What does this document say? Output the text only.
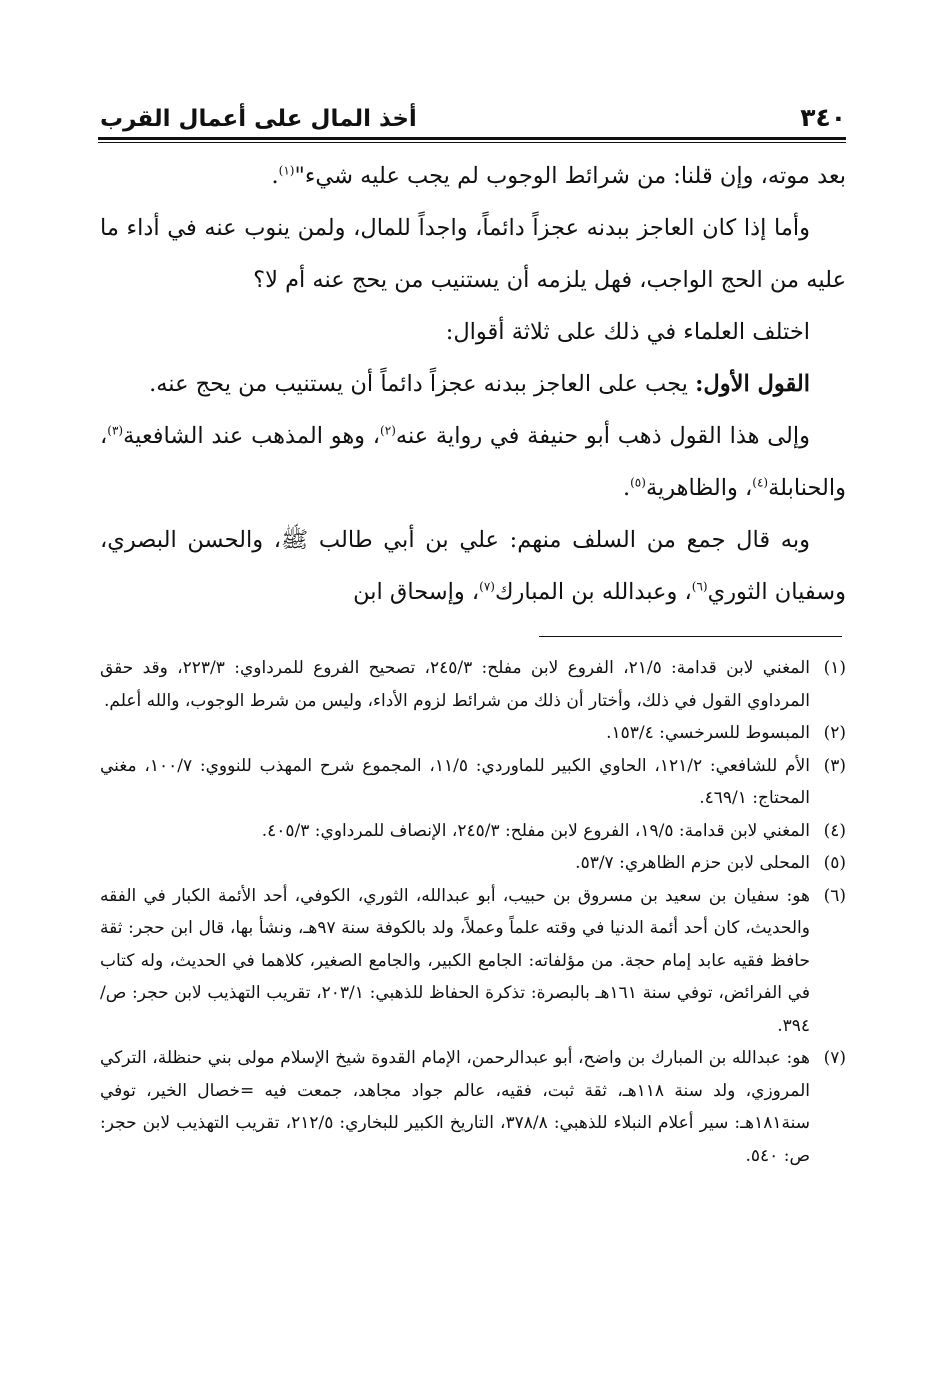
٣٤٠
أخذ المال على أعمال القرب

بعد موته، وإن قلنا: من شرائط الوجوب لم يجب عليه شيء"$^{(١)}$.

وأما إذا كان العاجز ببدنه عجزاً دائماً، واجداً للمال، ولمن ينوب عنه في أداء ما عليه من الحج الواجب، فهل يلزمه أن يستنيب من يحج عنه أم لا؟

اختلف العلماء في ذلك على ثلاثة أقوال:

القول الأول: يجب على العاجز ببدنه عجزاً دائماً أن يستنيب من يحج عنه.

وإلى هذا القول ذهب أبو حنيفة في رواية عنه$^{(٢)}$، وهو المذهب عند الشافعية$^{(٣)}$، والحنابلة$^{(٤)}$، والظاهرية$^{(٥)}$.

وبه قال جمع من السلف منهم: علي بن أبي طالب ﷺ، والحسن البصري، وسفيان الثوري$^{(٦)}$، وعبدالله بن المبارك$^{(٧)}$، وإسحاق ابن

(١)
المغني لابن قدامة: ٢١/٥، الفروع لابن مفلح: ٢٤٥/٣، تصحيح الفروع للمرداوي: ٢٢٣/٣، وقد حقق المرداوي القول في ذلك، وأختار أن ذلك من شرائط لزوم الأداء، وليس من شرط الوجوب، والله أعلم.
(٢)
المبسوط للسرخسي: ١٥٣/٤.
(٣)
الأم للشافعي: ١٢١/٢، الحاوي الكبير للماوردي: ١١/٥، المجموع شرح المهذب للنووي: ١٠٠/٧، مغني المحتاج: ٤٦٩/١.
(٤)
المغني لابن قدامة: ١٩/٥، الفروع لابن مفلح: ٢٤٥/٣، الإنصاف للمرداوي: ٤٠٥/٣.
(٥)
المحلى لابن حزم الظاهري: ٥٣/٧.
(٦)
هو: سفيان بن سعيد بن مسروق بن حبيب، أبو عبدالله، الثوري، الكوفي، أحد الأئمة الكبار في الفقه والحديث، كان أحد أئمة الدنيا في وقته علماً وعملاً، ولد بالكوفة سنة ٩٧هـ، ونشأ بها، قال ابن حجر: ثقة حافظ فقيه عابد إمام حجة. من مؤلفاته: الجامع الكبير، والجامع الصغير، كلاهما في الحديث، وله كتاب في الفرائض، توفي سنة ١٦١هـ بالبصرة: تذكرة الحفاظ للذهبي: ٢٠٣/١، تقريب التهذيب لابن حجر: ص/٣٩٤.
(٧)
هو: عبدالله بن المبارك بن واضح، أبو عبدالرحمن، الإمام القدوة شيخ الإسلام مولى بني حنظلة، التركي المروزي، ولد سنة ١١٨هـ، ثقة ثبت، فقيه، عالم جواد مجاهد، جمعت فيه =خصال الخير، توفي سنة١٨١هـ: سير أعلام النبلاء للذهبي: ٣٧٨/٨، التاريخ الكبير للبخاري: ٢١٢/٥، تقريب التهذيب لابن حجر: ص: ٥٤٠.
